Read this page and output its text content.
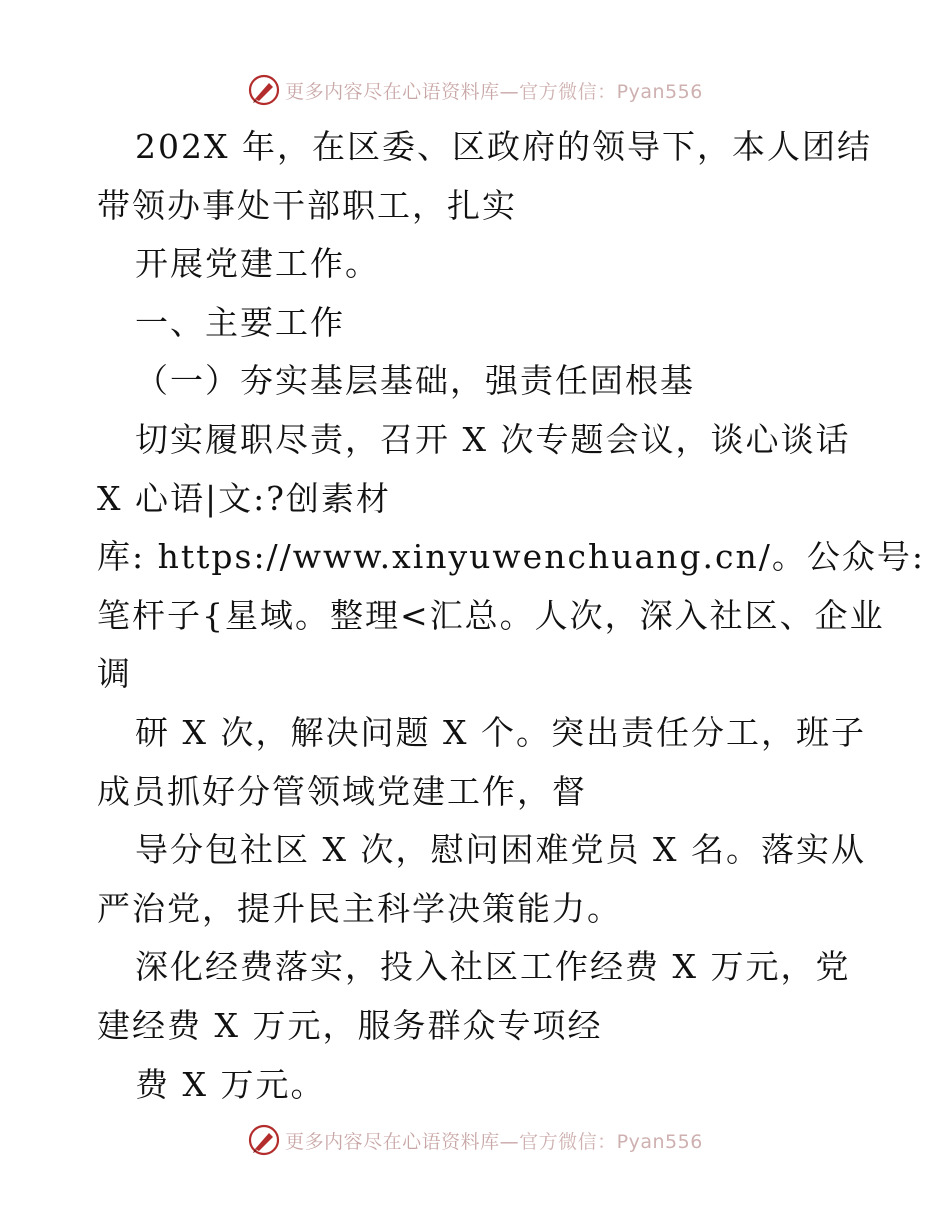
更多内容尽在心语资料库—官方微信：Pyan556
202X 年，在区委、区政府的领导下，本人团结
带领办事处干部职工，扎实
开展党建工作。
一、主要工作
（一）夯实基层基础，强责任固根基
切实履职尽责，召开 X 次专题会议，谈心谈话
X 心语|文:?创素材
库: https://www.xinyuwenchuang.cn/。公众号:
笔杆子{星域。整理<汇总。人次，深入社区、企业
调
研 X 次，解决问题 X 个。突出责任分工，班子
成员抓好分管领域党建工作，督
导分包社区 X 次，慰问困难党员 X 名。落实从
严治党，提升民主科学决策能力。
深化经费落实，投入社区工作经费 X 万元，党
建经费 X 万元，服务群众专项经
费 X 万元。
更多内容尽在心语资料库—官方微信：Pyan556
